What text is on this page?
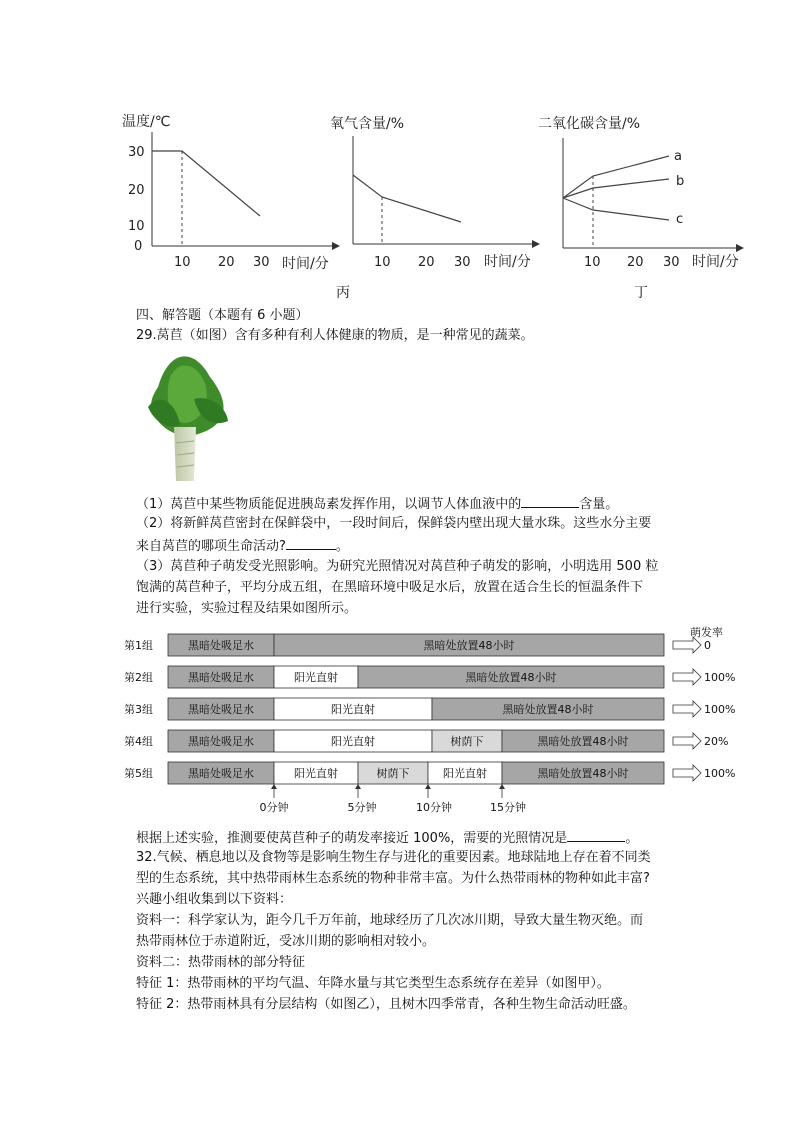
温度/℃
30
20
10
0
10 20 30 时间/分
氧气含量/%
10 20 30 时间/分
丙
二氧化碳含量/%
a
b
c
10 20 30 时间/分
丁
四、解答题（本题有 6 小题）
29.莴苣（如图）含有多种有利人体健康的物质，是一种常见的蔬菜。
（1）莴苣中某些物质能促进胰岛素发挥作用，以调节人体血液中的	含量。
（2）将新鲜莴苣密封在保鲜袋中，一段时间后，保鲜袋内壁出现大量水珠。这些水分主要
来自莴苣的哪项生命活动?	。
（3）莴苣种子萌发受光照影响。为研究光照情况对莴苣种子萌发的影响，小明选用 500 粒
饱满的莴苣种子，平均分成五组，在黑暗环境中吸足水后，放置在适合生长的恒温条件下
进行实验，实验过程及结果如图所示。
萌发率
第1组	黑暗处吸足水	黑暗处放置48小时	0
第2组	黑暗处吸足水	阳光直射	黑暗处放置48小时	100%
第3组	黑暗处吸足水	阳光直射	黑暗处放置48小时	100%
第4组	黑暗处吸足水	阳光直射	树荫下	黑暗处放置48小时	20%
第5组	黑暗处吸足水	阳光直射	树荫下	阳光直射	黑暗处放置48小时	100%
0分钟	5分钟	10分钟	15分钟
根据上述实验，推测要使莴苣种子的萌发率接近 100%，需要的光照情况是	。
32.气候、栖息地以及食物等是影响生物生存与进化的重要因素。地球陆地上存在着不同类
型的生态系统，其中热带雨林生态系统的物种非常丰富。为什么热带雨林的物种如此丰富?
兴趣小组收集到以下资料：
资料一：科学家认为，距今几千万年前，地球经历了几次冰川期，导致大量生物灭绝。而
热带雨林位于赤道附近，受冰川期的影响相对较小。
资料二：热带雨林的部分特征
特征 1：热带雨林的平均气温、年降水量与其它类型生态系统存在差异（如图甲）。
特征 2：热带雨林具有分层结构（如图乙），且树木四季常青，各种生物生命活动旺盛。
